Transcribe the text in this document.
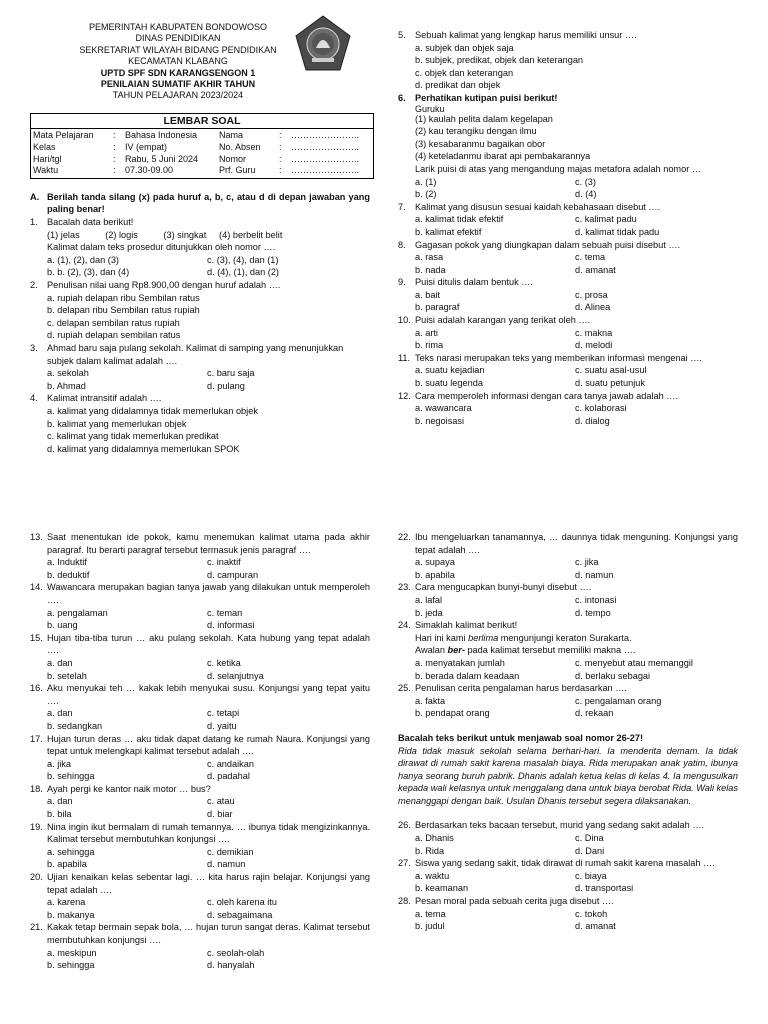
PEMERINTAH KABUPATEN BONDOWOSO
DINAS PENDIDIKAN
SEKRETARIAT WILAYAH BIDANG PENDIDIKAN
KECAMATAN KLABANG
UPTD SPF SDN KARANGSENGON 1
PENILAIAN SUMATIF AKHIR TAHUN
TAHUN PELAJARAN 2023/2024
LEMBAR SOAL
Mata Pelajaran	:	Bahasa Indonesia	Nama	:	…………………..
Kelas	:	IV (empat)	No. Absen	:	…………………..
Hari/tgl	:	Rabu, 5 Juni 2024	Nomor	:	…………………..
Waktu	:	07.30-09.00	Prf. Guru	:	…………………..
A. Berilah tanda silang (x) pada huruf a, b, c, atau d di depan jawaban yang paling benar!
1.	Bacalah data berikut!
(1) jelas          (2) logis          (3) singkat     (4) berbelit belit
Kalimat dalam teks prosedur ditunjukkan oleh nomor ….
a. (1), (2), dan (3)	c. (3), (4), dan (1)
b. b. (2), (3), dan (4)	d. (4), (1), dan (2)
2.	Penulisan nilai uang Rp8.900,00 dengan huruf adalah ….
a. rupiah delapan ribu Sembilan ratus
b. delapan ribu Sembilan ratus rupiah
c. delapan sembilan ratus rupiah
d. rupiah delapan sembilan ratus
3.	Ahmad baru saja pulang sekolah. Kalimat di samping yang menunjukkan subjek dalam kalimat adalah ….
a. sekolah	c. baru saja
b. Ahmad	d. pulang
4.	Kalimat intransitif adalah ….
a. kalimat yang didalamnya tidak memerlukan objek
b. kalimat yang memerlukan objek
c. kalimat yang tidak memerlukan predikat
d. kalimat yang didalamnya memerlukan SPOK
5.	Sebuah kalimat yang lengkap harus memiliki unsur ….
a. subjek dan objek saja
b. subjek, predikat, objek dan keterangan
c. objek dan keterangan
d. predikat dan objek
6.	Perhatikan kutipan puisi berikut!
Guruku
(1) kaulah pelita dalam kegelapan
(2) kau terangiku dengan ilmu
(3) kesabaranmu bagaikan obor
(4) keteladanmu ibarat api pembakarannya
Larik puisi di atas yang mengandung majas metafora adalah nomor …
a. (1)	c. (3)
b. (2)	d. (4)
7.	Kalimat yang disusun sesuai kaidah kebahasaan disebut ….
a. kalimat tidak efektif	c. kalimat padu
b. kalimat efektif	d. kalimat tidak padu
8.	Gagasan pokok yang diungkapan dalam sebuah puisi disebut ….
a. rasa	c. tema
b. nada	d. amanat
9.	Puisi ditulis dalam bentuk ….
a. bait	c. prosa
b. paragraf	d. Alinea
10. Puisi adalah karangan yang terikat oleh ….
a. arti	c. makna
b. rima	d. melodi
11. Teks narasi merupakan teks yang memberikan informasi mengenai ….
a. suatu kejadian	c. suatu asal-usul
b. suatu legenda	d. suatu petunjuk
12. Cara memperoleh informasi dengan cara tanya jawab adalah ….
a. wawancara	c. kolaborasi
b. negoisasi	d. dialog
13. Saat menentukan ide pokok, kamu menemukan kalimat utama pada akhir paragraf. Itu berarti paragraf tersebut termasuk jenis paragraf ….
a. Induktif	c. inaktif
b. deduktif	d. campuran
14. Wawancara merupakan bagian tanya jawab yang dilakukan untuk memperoleh ….
a. pengalaman	c. teman
b. uang	d. informasi
15. Hujan tiba-tiba turun … aku pulang sekolah. Kata hubung yang tepat adalah ….
a. dan	c. ketika
b. setelah	d. selanjutnya
16. Aku menyukai teh … kakak lebih menyukai susu. Konjungsi yang tepat yaitu ….
a. dan	c. tetapi
b. sedangkan	d. yaitu
17. Hujan turun deras … aku tidak dapat datang ke rumah Naura. Konjungsi yang tepat untuk melengkapi kalimat tersebut adalah ….
a. jika	c. andaikan
b. sehingga	d. padahal
18. Ayah pergi ke kantor naik motor … bus?
a. dan	c. atau
b. bila	d. biar
19. Nina ingin ikut bermalam di rumah temannya. … ibunya tidak mengizinkannya. Kalimat tersebut membutuhkan konjungsi ….
a. sehingga	c. demikian
b. apabila	d. namun
20. Ujian kenaikan kelas sebentar lagi. … kita harus rajin belajar. Konjungsi yang tepat adalah ….
a. karena	c. oleh karena itu
b. makanya	d. sebagaimana
21. Kakak tetap bermain sepak bola, … hujan turun sangat deras. Kalimat tersebut membutuhkan konjungsi ….
a. meskipun	c. seolah-olah
b. sehingga	d. hanyalah
22. Ibu mengeluarkan tanamannya, … daunnya tidak menguning. Konjungsi yang tepat adalah ….
a. supaya	c. jika
b. apabila	d. namun
23. Cara mengucapkan bunyi-bunyi disebut ….
a. lafal	c. intonasi
b. jeda	d. tempo
24. Simaklah kalimat berikut!
Hari ini kami berlima mengunjungi keraton Surakarta.
Awalan ber- pada kalimat tersebut memiliki makna ….
a. menyatakan jumlah	c. menyebut atau memanggil
b. berada dalam keadaan	d. berlaku sebagai
25. Penulisan cerita pengalaman harus berdasarkan ….
a. fakta	c. pengalaman orang
b. pendapat orang	d. rekaan
Bacalah teks berikut untuk menjawab soal nomor 26-27!
Rida tidak masuk sekolah selama berhari-hari. Ia menderita demam. Ia tidak dirawat di rumah sakit karena masalah biaya. Rida merupakan anak yatim, ibunya hanya seorang buruh pabrik. Dhanis adalah ketua kelas di kelas 4. Ia mengusulkan kepada wali kelasnya untuk menggalang dana untuk biaya berobat Rida. Wali kelas menanggapi dengan baik. Usulan Dhanis tersebut segera dilaksanakan.
26. Berdasarkan teks bacaan tersebut, murid yang sedang sakit adalah ….
a. Dhanis	c. Dina
b. Rida	d. Dani
27. Siswa yang sedang sakit, tidak dirawat di rumah sakit karena masalah ….
a. waktu	c. biaya
b. keamanan	d. transportasi
28. Pesan moral pada sebuah cerita juga disebut ….
a. tema	c. tokoh
b. judul	d. amanat
